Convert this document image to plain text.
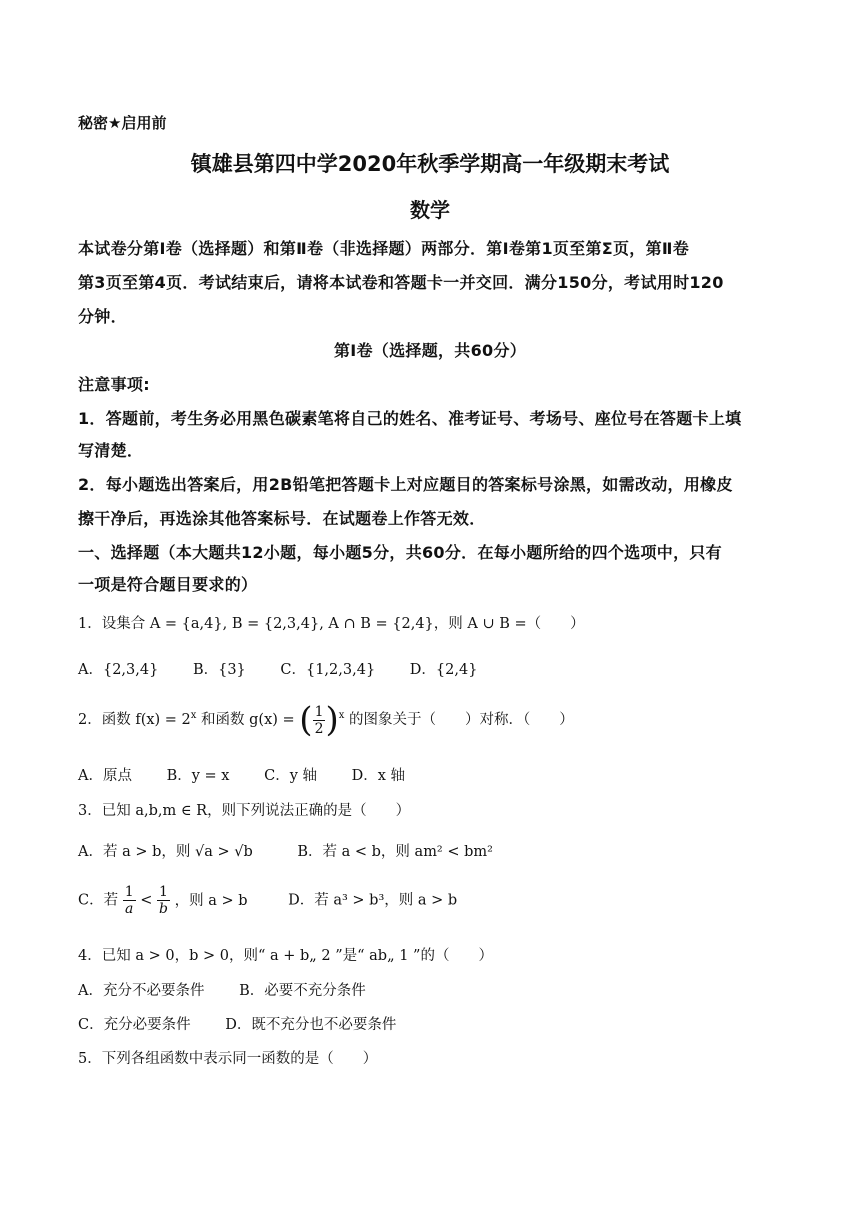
秘密★启用前
镇雄县第四中学2020年秋季学期高一年级期末考试
数学
本试卷分第Ⅰ卷（选择题）和第Ⅱ卷（非选择题）两部分．第Ⅰ卷第1页至第Σ页，第Ⅱ卷
第3页至第4页．考试结束后，请将本试卷和答题卡一并交回．满分150分，考试用时120
分钟．
第Ⅰ卷（选择题，共60分）
注意事项:
1．答题前，考生务必用黑色碳素笔将自己的姓名、准考证号、考场号、座位号在答题卡上填
写清楚．
2．每小题选出答案后，用2B铅笔把答题卡上对应题目的答案标号涂黑，如需改动，用橡皮
擦干净后，再选涂其他答案标号．在试题卷上作答无效．
一、选择题（本大题共12小题，每小题5分，共60分．在每小题所给的四个选项中，只有
一项是符合题目要求的）
1．设集合 A = {a,4}, B = {2,3,4}, A ∩ B = {2,4}，则 A ∪ B =（　　）
A．{2,3,4} B．{3} C．{1,2,3,4} D．{2,4}
2．函数 $f(x) = 2^x$ 和函数 g(x) = ( $\frac{1}{2} )^x$ 的图象关于（　　）对称．（　　）
A．原点 B．y = x C．y 轴 D．x 轴
3．已知 a,b,m ∈ R，则下列说法正确的是（　　）
A．若 a > b，则 √a > √b	B．若 a < b，则 am² < bm²
C．若 $\frac{1}{a} < \frac{1}{b}$ ，则 a > b	D．若 a³ > b³，则 a > b
4．已知 a > 0，b > 0，则“ a + b„ 2 ”是“ ab„ 1 ”的（　　）
A．充分不必要条件 B．必要不充分条件
C．充分必要条件 D．既不充分也不必要条件
5．下列各组函数中表示同一函数的是（　　）
